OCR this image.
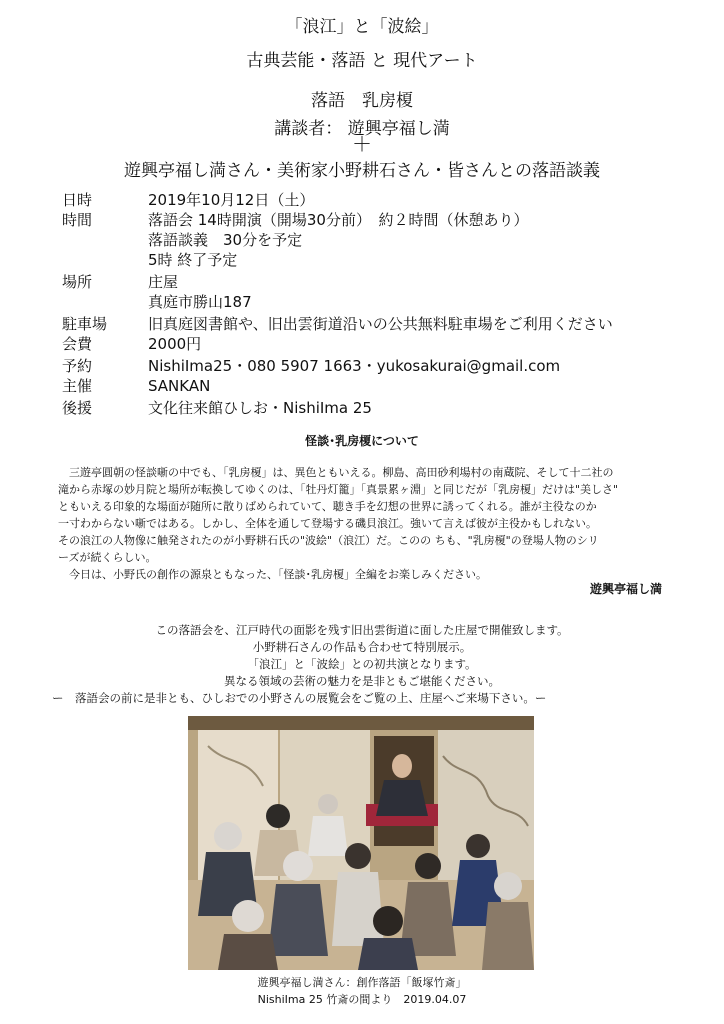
「浪江」と「波絵」
古典芸能・落語 と 現代アート
落語　乳房榎
講談者： 遊興亭福し満
＋
遊興亭福し満さん・美術家小野耕石さん・皆さんとの落語談義
日時	2019年10月12日（土）
時間	落語会 14時開演（開場30分前）　約２時間（休憩あり）
落語談義　30分を予定
5時 終了予定
場所	庄屋
真庭市勝山187
駐車場	旧真庭図書館や、旧出雲街道沿いの公共無料駐車場をご利用ください
会費	2000円
予約	NishiIma25・080 5907 1663・yukosakurai@gmail.com
主催	SANKAN
後援	文化往来館ひしお・NishiIma 25
怪談･乳房榎について

　三遊亭圓朝の怪談噺の中でも、「乳房榎」は、異色ともいえる。柳島、高田砂利場村の南蔵院、そして十二社の

滝から赤塚の妙月院と場所が転換してゆくのは、「牡丹灯籠」「真景累ヶ淵」と同じだが「乳房榎」だけは"美しさ"

ともいえる印象的な場面が随所に散りばめられていて、聴き手を幻想の世界に誘ってくれる。誰が主役なのか

一寸わからない噺ではある。しかし、全体を通して登場する磯貝浪江。強いて言えば彼が主役かもしれない。

その浪江の人物像に触発されたのが小野耕石氏の"波絵"（浪江）だ。このの ちも、"乳房榎"の登場人物のシリ

ーズが続くらしい。

　今日は、小野氏の創作の源泉ともなった、「怪談･乳房榎」全編をお楽しみください。

遊興亭福し満

この落語会を、江戸時代の面影を残す旧出雲街道に面した庄屋で開催致します。

小野耕石さんの作品も合わせて特別展示。

「浪江」と「波絵」との初共演となります。

異なる領域の芸術の魅力を是非ともご堪能ください。

ー　落語会の前に是非とも、ひしおでの小野さんの展覧会をご覧の上、庄屋へご来場下さい。ー

遊興亭福し満さん：創作落語「飯塚竹斎」

NishiIma 25 竹斎の間より　2019.04.07
